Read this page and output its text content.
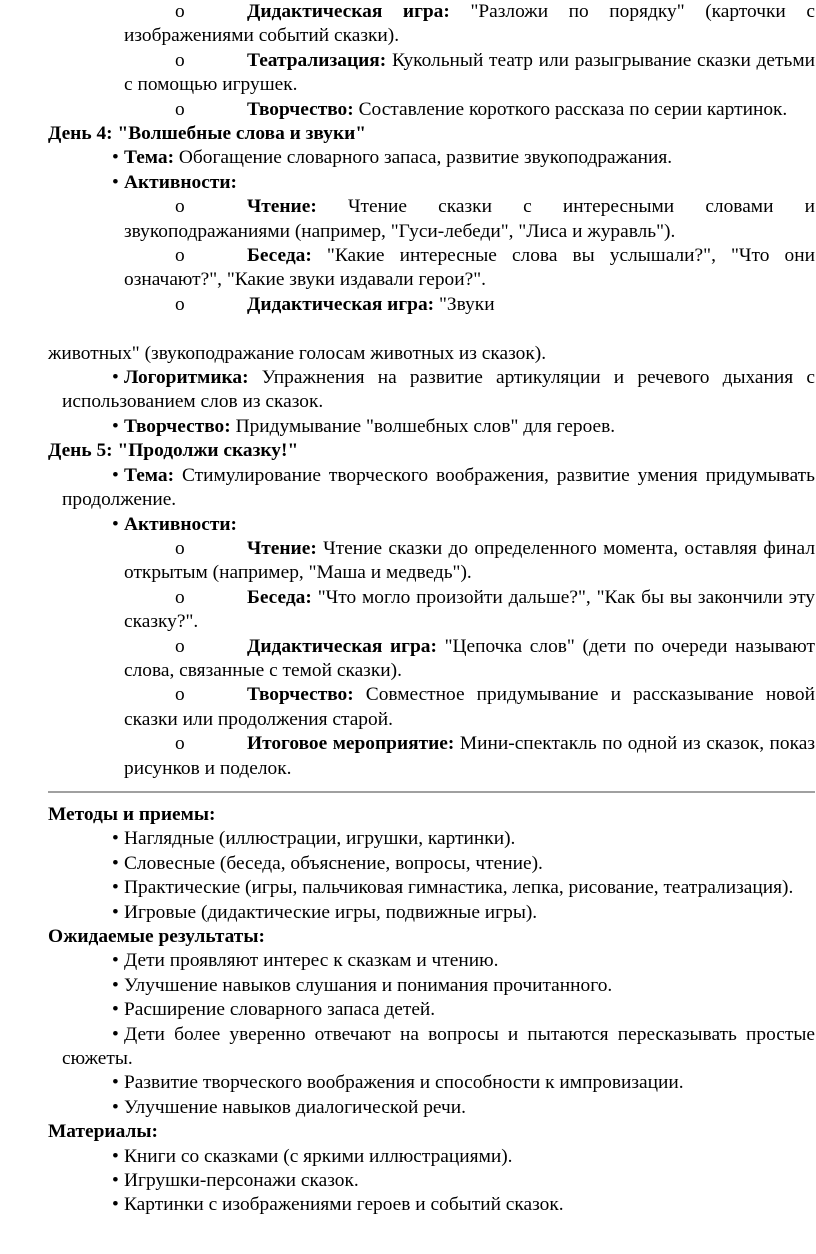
o	Дидактическая игра: "Разложи по порядку" (карточки с изображениями событий сказки).
o	Театрализация: Кукольный театр или разыгрывание сказки детьми с помощью игрушек.
o	Творчество: Составление короткого рассказа по серии картинок.
День 4: "Волшебные слова и звуки"
• Тема: Обогащение словарного запаса, развитие звукоподражания.
• Активности:
o	Чтение: Чтение сказки с интересными словами и звукоподражаниями (например, "Гуси-лебеди", "Лиса и журавль").
o	Беседа: "Какие интересные слова вы услышали?", "Что они означают?", "Какие звуки издавали герои?".
o	Дидактическая игра: "Звуки
животных" (звукоподражание голосам животных из сказок).
• Логоритмика: Упражнения на развитие артикуляции и речевого дыхания с использованием слов из сказок.
• Творчество: Придумывание "волшебных слов" для героев.
День 5: "Продолжи сказку!"
• Тема: Стимулирование творческого воображения, развитие умения придумывать продолжение.
• Активности:
o	Чтение: Чтение сказки до определенного момента, оставляя финал открытым (например, "Маша и медведь").
o	Беседа: "Что могло произойти дальше?", "Как бы вы закончили эту сказку?".
o	Дидактическая игра: "Цепочка слов" (дети по очереди называют слова, связанные с темой сказки).
o	Творчество: Совместное придумывание и рассказывание новой сказки или продолжения старой.
o	Итоговое мероприятие: Мини-спектакль по одной из сказок, показ рисунков и поделок.
Методы и приемы:
• Наглядные (иллюстрации, игрушки, картинки).
• Словесные (беседа, объяснение, вопросы, чтение).
• Практические (игры, пальчиковая гимнастика, лепка, рисование, театрализация).
• Игровые (дидактические игры, подвижные игры).
Ожидаемые результаты:
• Дети проявляют интерес к сказкам и чтению.
• Улучшение навыков слушания и понимания прочитанного.
• Расширение словарного запаса детей.
• Дети более уверенно отвечают на вопросы и пытаются пересказывать простые сюжеты.
• Развитие творческого воображения и способности к импровизации.
• Улучшение навыков диалогической речи.
Материалы:
• Книги со сказками (с яркими иллюстрациями).
• Игрушки-персонажи сказок.
• Картинки с изображениями героев и событий сказок.
